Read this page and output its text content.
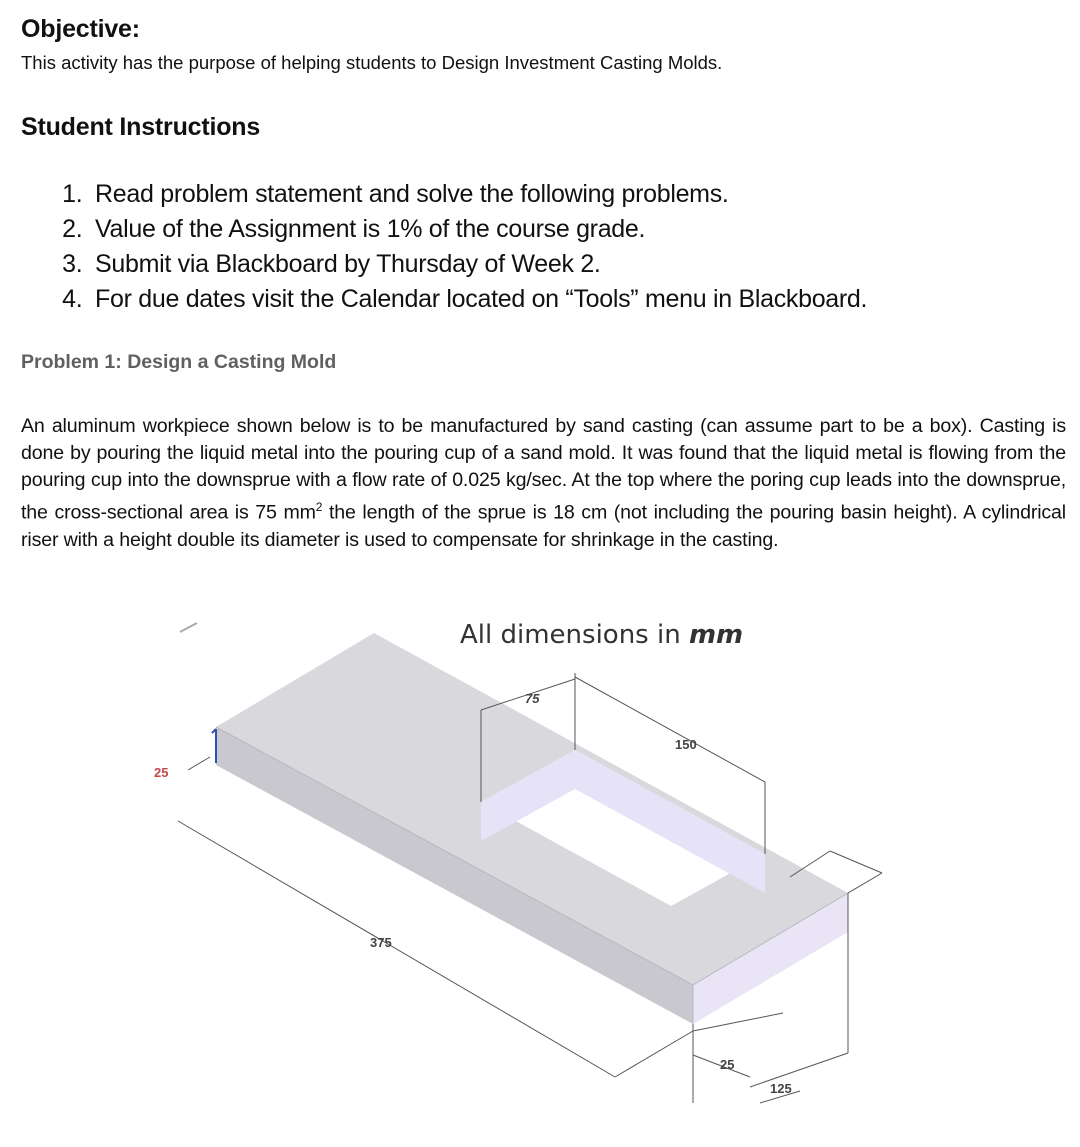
Objective:

This activity has the purpose of helping students to Design Investment Casting Molds.

Student Instructions
1. Read problem statement and solve the following problems.
2. Value of the Assignment is 1% of the course grade.
3. Submit via Blackboard by Thursday of Week 2.
4. For due dates visit the Calendar located on “Tools” menu in Blackboard.
Problem 1: Design a Casting Mold

An aluminum workpiece shown below is to be manufactured by sand casting (can assume part to be a box). Casting is done by pouring the liquid metal into the pouring cup of a sand mold. It was found that the liquid metal is flowing from the pouring cup into the downsprue with a flow rate of 0.025 kg/sec. At the top where the poring cup leads into the downsprue, the cross-sectional area is 75 $mm^2$ the length of the sprue is 18 cm (not including the pouring basin height). A cylindrical riser with a height double its diameter is used to compensate for shrinkage in the casting.

All dimensions in mm
25
375
75
150
25
125
